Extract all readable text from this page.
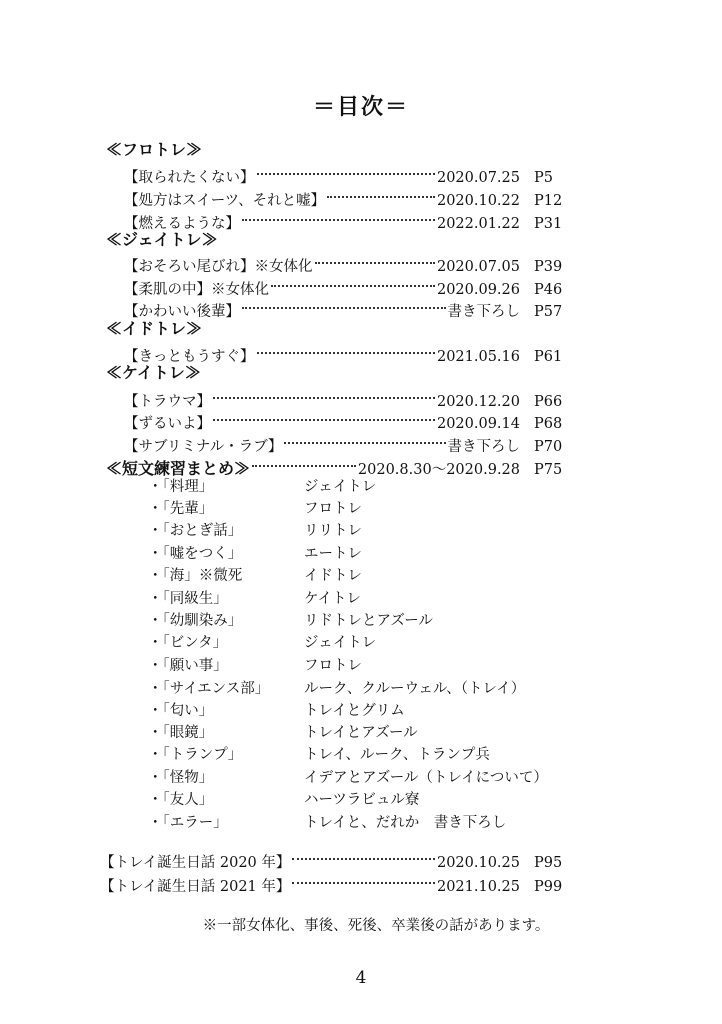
＝目次＝
≪フロトレ≫
【取られたくない】	2020.07.25 P5
【処方はスイーツ、それと嘘】	2020.10.22 P12
【燃えるような】	2022.01.22 P31
≪ジェイトレ≫
【おそろい尾びれ】※女体化	2020.07.05 P39
【柔肌の中】※女体化	2020.09.26 P46
【かわいい後輩】	書き下ろし P57
≪イドトレ≫
【きっともうすぐ】	2021.05.16 P61
≪ケイトレ≫
【トラウマ】	2020.12.20 P66
【ずるいよ】	2020.09.14 P68
【サブリミナル・ラブ】	書き下ろし P70
≪短文練習まとめ≫	2020.8.30～2020.9.28 P75
・「料理」	ジェイトレ
・「先輩」	フロトレ
・「おとぎ話」	リリトレ
・「嘘をつく」	エートレ
・「海」※微死	イドトレ
・「同級生」	ケイトレ
・「幼馴染み」	リドトレとアズール
・「ビンタ」	ジェイトレ
・「願い事」	フロトレ
・「サイエンス部」 ルーク、クルーウェル、（トレイ）
・「匂い」	トレイとグリム
・「眼鏡」	トレイとアズール
・「トランプ」	トレイ、ルーク、トランプ兵
・「怪物」	イデアとアズール（トレイについて）
・「友人」	ハーツラビュル寮
・「エラー」	トレイと、だれか　書き下ろし
【トレイ誕生日話 2020 年】	2020.10.25 P95
【トレイ誕生日話 2021 年】	2021.10.25 P99
※一部女体化、事後、死後、卒業後の話があります。
4
